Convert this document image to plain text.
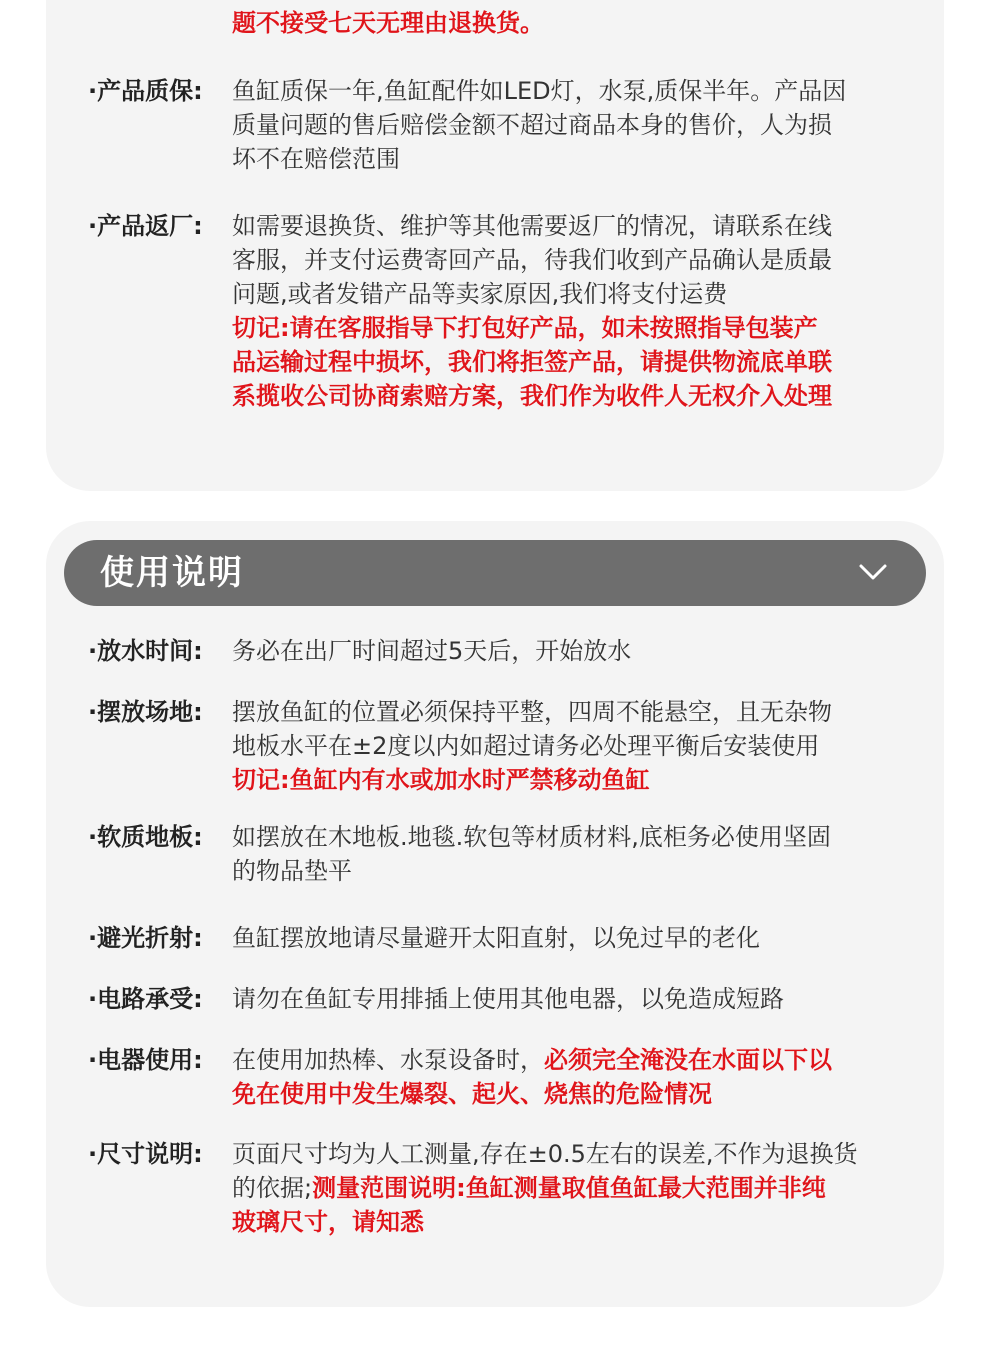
题不接受七天无理由退换货。
·产品质保: 鱼缸质保一年,鱼缸配件如LED灯，水泵,质保半年。产品因
质量问题的售后赔偿金额不超过商品本身的售价，人为损
坏不在赔偿范围
·产品返厂: 如需要退换货、维护等其他需要返厂的情况，请联系在线
客服，并支付运费寄回产品，待我们收到产品确认是质最
问题,或者发错产品等卖家原因,我们将支付运费
切记:请在客服指导下打包好产品，如未按照指导包装产
品运输过程中损坏，我们将拒签产品，请提供物流底单联
系揽收公司协商索赔方案，我们作为收件人无权介入处理
使用说明
·放水时间: 务必在出厂时间超过5天后，开始放水
·摆放场地: 摆放鱼缸的位置必须保持平整，四周不能悬空，且无杂物
地板水平在±2度以内如超过请务必处理平衡后安装使用
切记:鱼缸内有水或加水时严禁移动鱼缸
·软质地板: 如摆放在木地板.地毯.软包等材质材料,底柜务必使用坚固
的物品垫平
·避光折射: 鱼缸摆放地请尽量避开太阳直射，以免过早的老化
·电路承受: 请勿在鱼缸专用排插上使用其他电器，以免造成短路
·电器使用: 在使用加热棒、水泵设备时，必须完全淹没在水面以下以
免在使用中发生爆裂、起火、烧焦的危险情况
·尺寸说明: 页面尺寸均为人工测量,存在±0.5左右的误差,不作为退换货
的依据;测量范围说明:鱼缸测量取值鱼缸最大范围并非纯
玻璃尺寸，请知悉
